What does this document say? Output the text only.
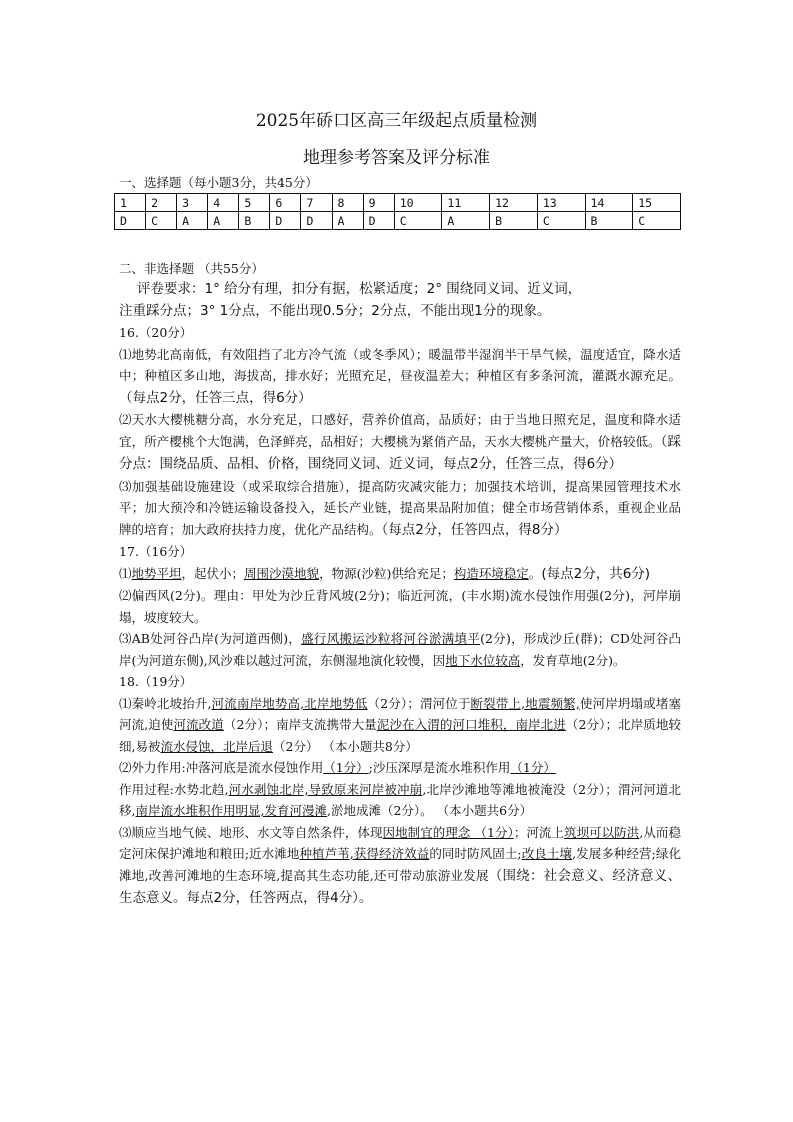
2025年硚口区高三年级起点质量检测
地理参考答案及评分标准
一、选择题（每小题3分，共45分）
1	2	3	4	5	6	7	8	9	10	11	12	13	14	15
D	C	A	A	B	D	D	A	D	C	A	B	C	B	C
二、非选择题 （共55分）
评卷要求：1° 给分有理，扣分有据，松紧适度；2° 围绕同义词、近义词，
注重踩分点；3° 1分点，不能出现0.5分；2分点，不能出现1分的现象。
16.（20分）
⑴地势北高南低，有效阻挡了北方冷气流（或冬季风）；暖温带半湿润半干旱气候，温度适宜，降水适中；种植区多山地，海拔高，排水好；光照充足，昼夜温差大；种植区有多条河流，灌溉水源充足。（每点2分，任答三点，得6分）
⑵天水大樱桃糖分高，水分充足，口感好，营养价值高，品质好；由于当地日照充足，温度和降水适宜，所产樱桃个大饱满，色泽鲜亮，品相好；大樱桃为紧俏产品，天水大樱桃产量大，价格较低。（踩分点：围绕品质、品相、价格，围绕同义词、近义词，每点2分，任答三点，得6分）
⑶加强基础设施建设（或采取综合措施），提高防灾减灾能力；加强技术培训，提高果园管理技术水平；加大预冷和冷链运输设备投入，延长产业链，提高果品附加值；健全市场营销体系，重视企业品牌的培育；加大政府扶持力度，优化产品结构。（每点2分，任答四点，得8分）
17.（16分）
⑴地势平坦，起伏小；周围沙漠地貌，物源(沙粒)供给充足；构造环境稳定。(每点2分，共6分)
⑵偏西风(2分)。理由：甲处为沙丘背风坡(2分)；临近河流，(丰水期)流水侵蚀作用强(2分)，河岸崩塌，坡度较大。
⑶AB处河谷凸岸(为河道西侧)，盛行风搬运沙粒将河谷淤满填平(2分)，形成沙丘(群)；CD处河谷凸岸(为河道东侧),风沙难以越过河流，东侧湿地演化较慢，因地下水位较高，发育草地(2分)。
18.（19分）
⑴秦岭北坡抬升,河流南岸地势高,北岸地势低（2分）；渭河位于断裂带上,地震频繁,使河岸坍塌或堵塞河流,迫使河流改道（2分）；南岸支流携带大量泥沙在入渭的河口堆积，南岸北进（2分）；北岸质地较细,易被流水侵蚀，北岸后退（2分） （本小题共8分）
⑵外力作用:冲落河底是流水侵蚀作用（1分）;沙压深厚是流水堆积作用（1分）
作用过程:水势北趋,河水剥蚀北岸,导致原来河岸被冲崩,北岸沙滩地等滩地被淹没（2分）；渭河河道北移,南岸流水堆积作用明显,发育河漫滩,淤地成滩（2分）。 （本小题共6分）
⑶顺应当地气候、地形、水文等自然条件，体现因地制宜的理念 （1分）；河流上筑坝可以防洪,从而稳定河床保护滩地和粮田;近水滩地种植芦苇,获得经济效益的同时防风固土;改良土壤,发展多种经营;绿化滩地,改善河滩地的生态环境,提高其生态功能,还可带动旅游业发展（围绕：社会意义、经济意义、生态意义。每点2分，任答两点，得4分）。
